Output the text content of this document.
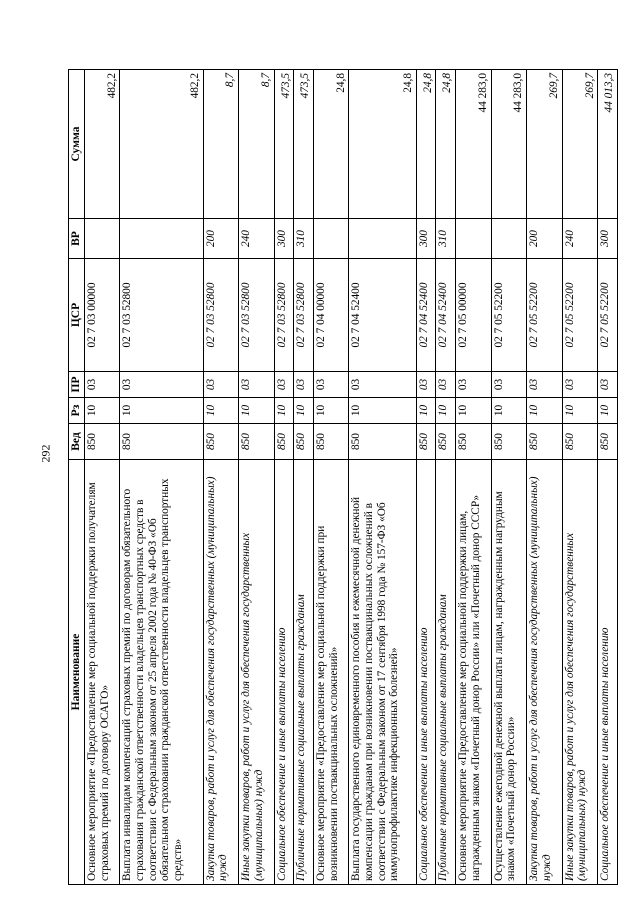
292
Наименование	Вед	Рз	ПР	ЦСР	ВР	Сумма
Основное мероприятие «Предоставление мер социальной поддержки получателям страховых премий по договору ОСАГО»	850	10	03	02 7 03 00000		482,2
Выплата инвалидам компенсаций страховых премий по договорам обязательного страхования гражданской ответственности владельцев транспортных средств в соответствии с Федеральным законом от 25 апреля 2002 года № 40-ФЗ «Об обязательном страховании гражданской ответственности владельцев транспортных средств»	850	10	03	02 7 03 52800		482,2
Закупка товаров, работ и услуг для обеспечения государственных (муниципальных) нужд	850	10	03	02 7 03 52800	200	8,7
Иные закупки товаров, работ и услуг для обеспечения государственных (муниципальных) нужд	850	10	03	02 7 03 52800	240	8,7
Социальное обеспечение и иные выплаты населению	850	10	03	02 7 03 52800	300	473,5
Публичные нормативные социальные выплаты гражданам	850	10	03	02 7 03 52800	310	473,5
Основное мероприятие «Предоставление мер социальной поддержки при возникновении поствакцинальных осложнений»	850	10	03	02 7 04 00000		24,8
Выплата государственного единовременного пособия и ежемесячной денежной компенсации гражданам при возникновении поствакцинальных осложнений в соответствии с Федеральным законом от 17 сентября 1998 года № 157-ФЗ «Об иммунопрофилактике инфекционных болезней»	850	10	03	02 7 04 52400		24,8
Социальное обеспечение и иные выплаты населению	850	10	03	02 7 04 52400	300	24,8
Публичные нормативные социальные выплаты гражданам	850	10	03	02 7 04 52400	310	24,8
Основное мероприятие «Предоставление мер социальной поддержки лицам, награжденным знаком «Почетный донор России» или «Почетный донор СССР»	850	10	03	02 7 05 00000		44 283,0
Осуществление ежегодной денежной выплаты лицам, награжденным нагрудным знаком «Почетный донор России»	850	10	03	02 7 05 52200		44 283,0
Закупка товаров, работ и услуг для обеспечения государственных (муниципальных) нужд	850	10	03	02 7 05 52200	200	269,7
Иные закупки товаров, работ и услуг для обеспечения государственных (муниципальных) нужд	850	10	03	02 7 05 52200	240	269,7
Социальное обеспечение и иные выплаты населению	850	10	03	02 7 05 52200	300	44 013,3
